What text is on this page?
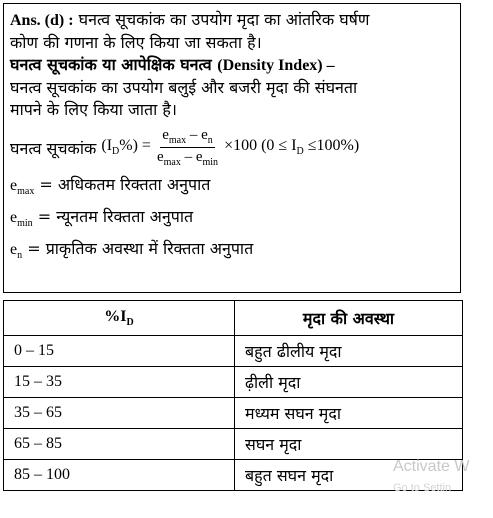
Ans. (d) : घनत्व सूचकांक का उपयोग मृदा का आंतरिक घर्षण
कोण की गणना के लिए किया जा सकता है।
घनत्व सूचकांक या आपेक्षिक घनत्व (Density Index) –
घनत्व सूचकांक का उपयोग बलुई और बजरी मृदा की संघनता
मापने के लिए किया जाता है।
घनत्व सूचकांक
$(I_D\%) = \frac{e_{max} - e_n}{e_{max} - e_{min}} \times 100$ $(0 \le I_D \le 100\%)$
$e_{max}$ = अधिकतम रिक्तता अनुपात
$e_{min}$ = न्यूनतम रिक्तता अनुपात
$e_n$ = प्राकृतिक अवस्था में रिक्तता अनुपात
$\%I_D$	मृदा की अवस्था
0 – 15	बहुत ढीलीय मृदा
15 – 35	ढ़ीली मृदा
35 – 65	मध्यम सघन मृदा
65 – 85	सघन मृदा
85 – 100	बहुत सघन मृदा	Activate W
Go to Settin
